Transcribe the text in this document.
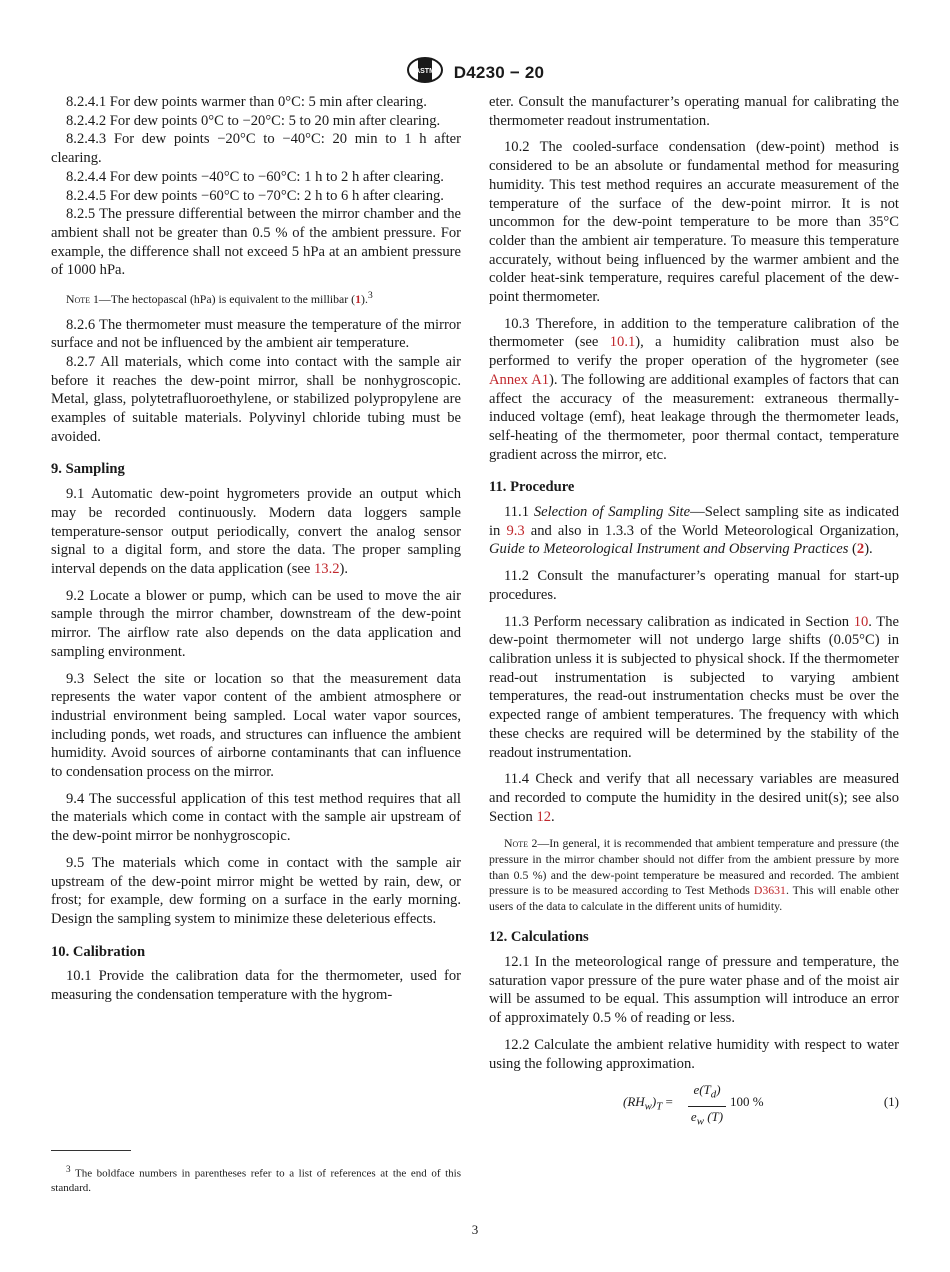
ASTM D4230 − 20

8.2.4.1 For dew points warmer than 0°C: 5 min after clearing.

8.2.4.2 For dew points 0°C to −20°C: 5 to 20 min after clearing.

8.2.4.3 For dew points −20°C to −40°C: 20 min to 1 h after clearing.

8.2.4.4 For dew points −40°C to −60°C: 1 h to 2 h after clearing.

8.2.4.5 For dew points −60°C to −70°C: 2 h to 6 h after clearing.

8.2.5 The pressure differential between the mirror chamber and the ambient shall not be greater than 0.5 % of the ambient pressure. For example, the difference shall not exceed 5 hPa at an ambient pressure of 1000 hPa.

Note 1—The hectopascal (hPa) is equivalent to the millibar (1).$^3$

8.2.6 The thermometer must measure the temperature of the mirror surface and not be influenced by the ambient air temperature.

8.2.7 All materials, which come into contact with the sample air before it reaches the dew-point mirror, shall be nonhygroscopic. Metal, glass, polytetrafluoroethylene, or stabilized polypropylene are examples of suitable materials. Polyvinyl chloride tubing must be avoided.

9. Sampling

9.1 Automatic dew-point hygrometers provide an output which may be recorded continuously. Modern data loggers sample temperature-sensor output periodically, convert the analog sensor signal to a digital form, and store the data. The proper sampling interval depends on the data application (see 13.2).

9.2 Locate a blower or pump, which can be used to move the air sample through the mirror chamber, downstream of the dew-point mirror. The airflow rate also depends on the data application and sampling environment.

9.3 Select the site or location so that the measurement data represents the water vapor content of the ambient atmosphere or industrial environment being sampled. Local water vapor sources, including ponds, wet roads, and structures can influence the ambient humidity. Avoid sources of airborne contaminants that can influence to condensation process on the mirror.

9.4 The successful application of this test method requires that all the materials which come in contact with the sample air upstream of the dew-point mirror be nonhygroscopic.

9.5 The materials which come in contact with the sample air upstream of the dew-point mirror might be wetted by rain, dew, or frost; for example, dew forming on a surface in the early morning. Design the sampling system to minimize these deleterious effects.

10. Calibration

10.1 Provide the calibration data for the thermometer, used for measuring the condensation temperature with the hygrom-

eter. Consult the manufacturer’s operating manual for calibrating the thermometer readout instrumentation.

10.2 The cooled-surface condensation (dew-point) method is considered to be an absolute or fundamental method for measuring humidity. This test method requires an accurate measurement of the temperature of the surface of the dew-point mirror. It is not uncommon for the dew-point temperature to be more than 35°C colder than the ambient air temperature. To measure this temperature accurately, without being influenced by the warmer ambient and the colder heat-sink temperature, requires careful placement of the dew-point thermometer.

10.3 Therefore, in addition to the temperature calibration of the thermometer (see 10.1), a humidity calibration must also be performed to verify the proper operation of the hygrometer (see Annex A1). The following are additional examples of factors that can affect the accuracy of the measurement: extraneous thermally-induced voltage (emf), heat leakage through the thermometer leads, self-heating of the thermometer, poor thermal contact, temperature gradient across the mirror, etc.

11. Procedure

11.1 Selection of Sampling Site—Select sampling site as indicated in 9.3 and also in 1.3.3 of the World Meteorological Organization, Guide to Meteorological Instrument and Observing Practices (2).

11.2 Consult the manufacturer’s operating manual for start-up procedures.

11.3 Perform necessary calibration as indicated in Section 10. The dew-point thermometer will not undergo large shifts (0.05°C) in calibration unless it is subjected to physical shock. If the thermometer read-out instrumentation is subjected to varying ambient temperatures, the read-out instrumentation checks must be over the expected range of ambient temperatures. The frequency with which these checks are required will be determined by the stability of the readout instrumentation.

11.4 Check and verify that all necessary variables are measured and recorded to compute the humidity in the desired unit(s); see also Section 12.

Note 2—In general, it is recommended that ambient temperature and pressure (the pressure in the mirror chamber should not differ from the ambient pressure by more than 0.5 %) and the dew-point temperature be measured and recorded. The ambient pressure is to be measured according to Test Methods D3631. This will enable other users of the data to calculate in the different units of humidity.
12. Calculations

12.1 In the meteorological range of pressure and temperature, the saturation vapor pressure of the pure water phase and of the moist air will be assumed to be equal. This assumption will introduce an error of approximately 0.5 % of reading or less.

12.2 Calculate the ambient relative humidity with respect to water using the following approximation.

$(RH_w)_T = \frac{e(T_d)}{e_w (T)} 100$ %	(1)
$^3$ The boldface numbers in parentheses refer to a list of references at the end of this standard.
3
